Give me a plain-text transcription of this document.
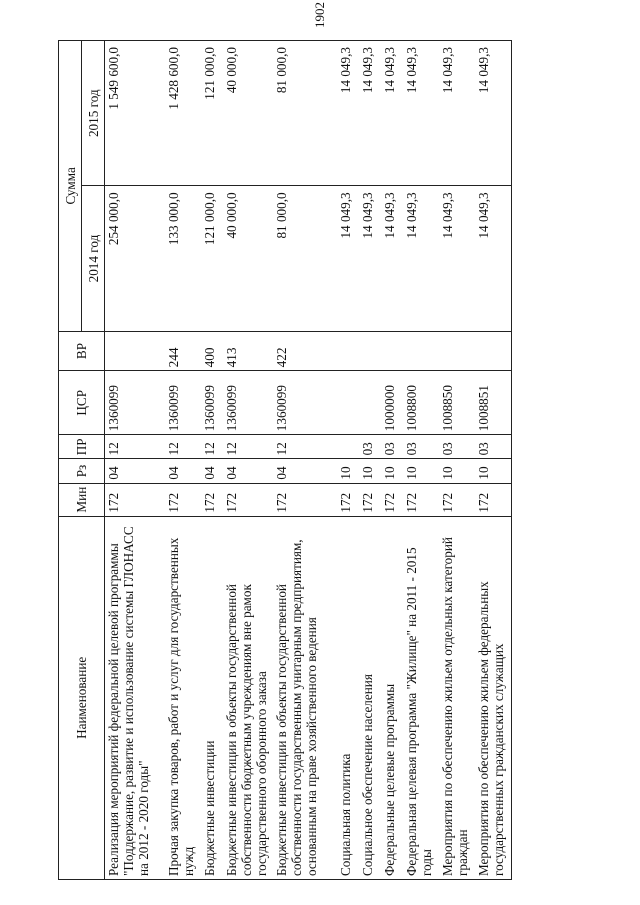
1902
Наименование	Мин	Рз	ПР	ЦСР	ВР	Сумма	
						2014 год	2015 год
Реализация мероприятий федеральной целевой программы "Поддержание, развитие и использование системы ГЛОНАСС на 2012 - 2020 годы"	172	04	12	1360099		254 000,0	1 549 600,0
Прочая закупка товаров, работ и услуг для государственных нужд	172	04	12	1360099	244	133 000,0	1 428 600,0
Бюджетные инвестиции	172	04	12	1360099	400	121 000,0	121 000,0
Бюджетные инвестиции в объекты государственной собственности бюджетным учреждениям вне рамок государственного оборонного заказа	172	04	12	1360099	413	40 000,0	40 000,0
Бюджетные инвестиции в объекты государственной собственности государственным унитарным предприятиям, основанным на праве хозяйственного ведения	172	04	12	1360099	422	81 000,0	81 000,0
Социальная политика	172	10				14 049,3	14 049,3
Социальное обеспечение населения	172	10	03			14 049,3	14 049,3
Федеральные целевые программы	172	10	03	1000000		14 049,3	14 049,3
Федеральная целевая программа "Жилище" на 2011 - 2015 годы	172	10	03	1008800		14 049,3	14 049,3
Мероприятия по обеспечению жильем отдельных категорий граждан	172	10	03	1008850		14 049,3	14 049,3
Мероприятия по обеспечению жильем федеральных государственных гражданских служащих	172	10	03	1008851		14 049,3	14 049,3
